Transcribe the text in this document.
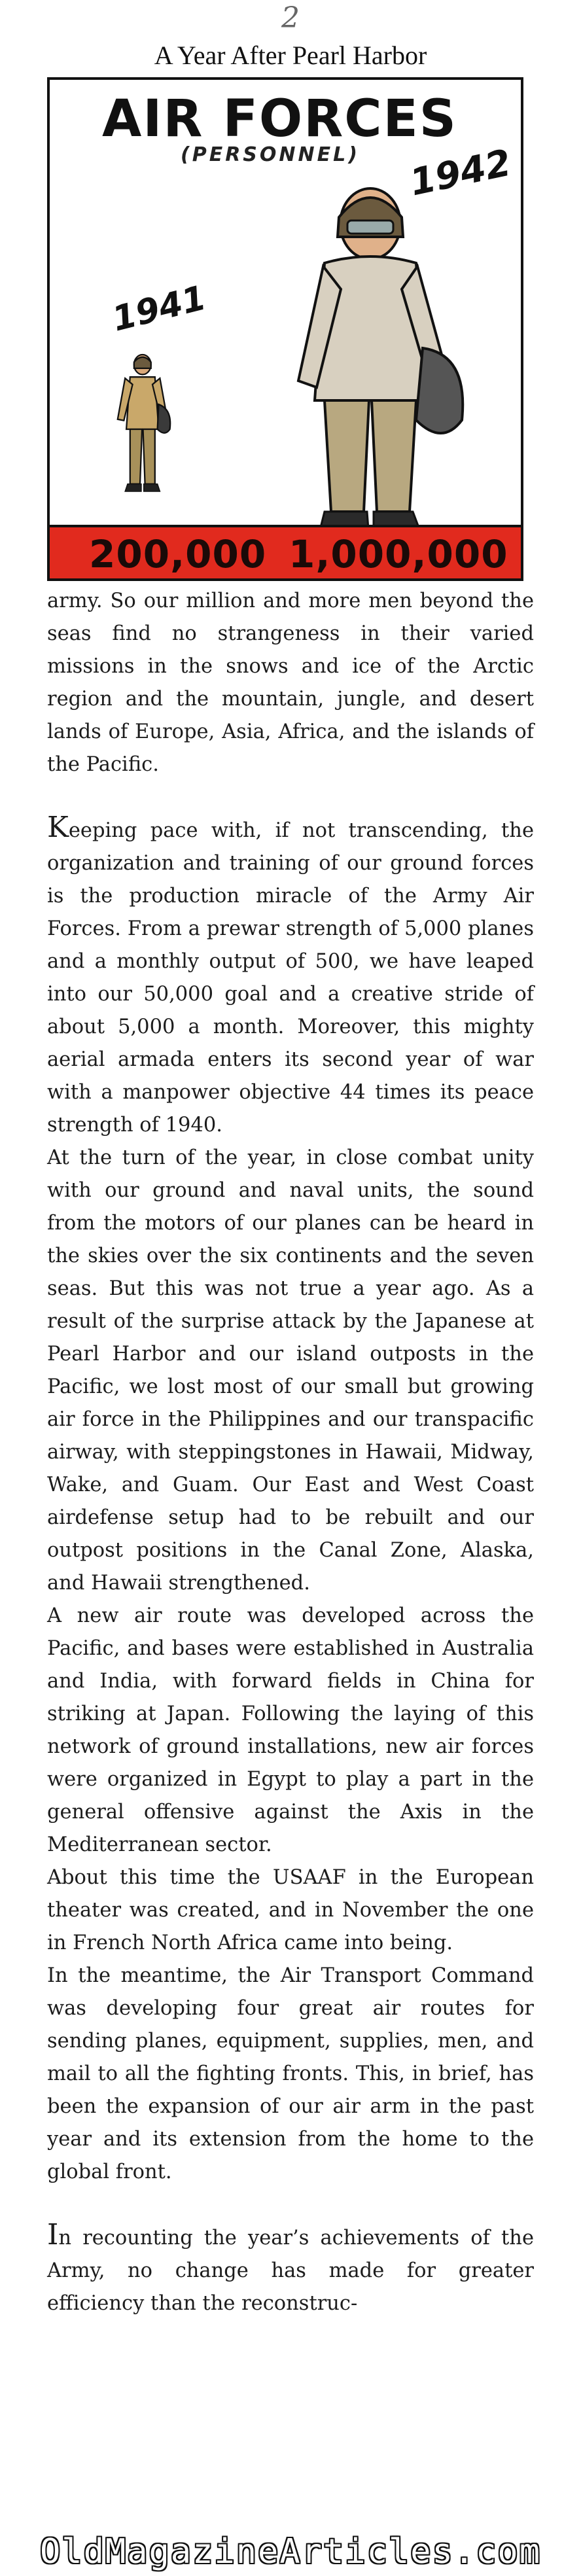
2
A Year After Pearl Harbor
AIR FORCES
(PERSONNEL) 1942
1941
200,000 1,000,000

army. So our million and more men beyond the seas find no strangeness in their varied missions in the snows and ice of the Arctic region and the mountain, jungle, and desert lands of Europe, Asia, Africa, and the islands of the Pacific.

Keeping pace with, if not transcending, the organization and training of our ground forces is the production miracle of the Army Air Forces. From a prewar strength of 5,000 planes and a monthly output of 500, we have leaped into our 50,000 goal and a creative stride of about 5,000 a month. Moreover, this mighty aerial armada enters its second year of war with a manpower objective 44 times its peace strength of 1940.

At the turn of the year, in close combat unity with our ground and naval units, the sound from the motors of our planes can be heard in the skies over the six continents and the seven seas. But this was not true a year ago. As a result of the surprise attack by the Japanese at Pearl Harbor and our island outposts in the Pacific, we lost most of our small but growing air force in the Philippines and our transpacific airway, with steppingstones in Hawaii, Midway, Wake, and Guam. Our East and West Coast airdefense setup had to be rebuilt and our outpost positions in the Canal Zone, Alaska, and Hawaii strengthened.

A new air route was developed across the Pacific, and bases were established in Australia and India, with forward fields in China for striking at Japan. Following the laying of this network of ground installations, new air forces were organized in Egypt to play a part in the general offensive against the Axis in the Mediterranean sector.

About this time the USAAF in the European theater was created, and in November the one in French North Africa came into being.

In the meantime, the Air Transport Command was developing four great air routes for sending planes, equipment, supplies, men, and mail to all the fighting fronts. This, in brief, has been the expansion of our air arm in the past year and its extension from the home to the global front.

In recounting the year’s achievements of the Army, no change has made for greater efficiency than the reconstruc-

OldMagazineArticles.com
